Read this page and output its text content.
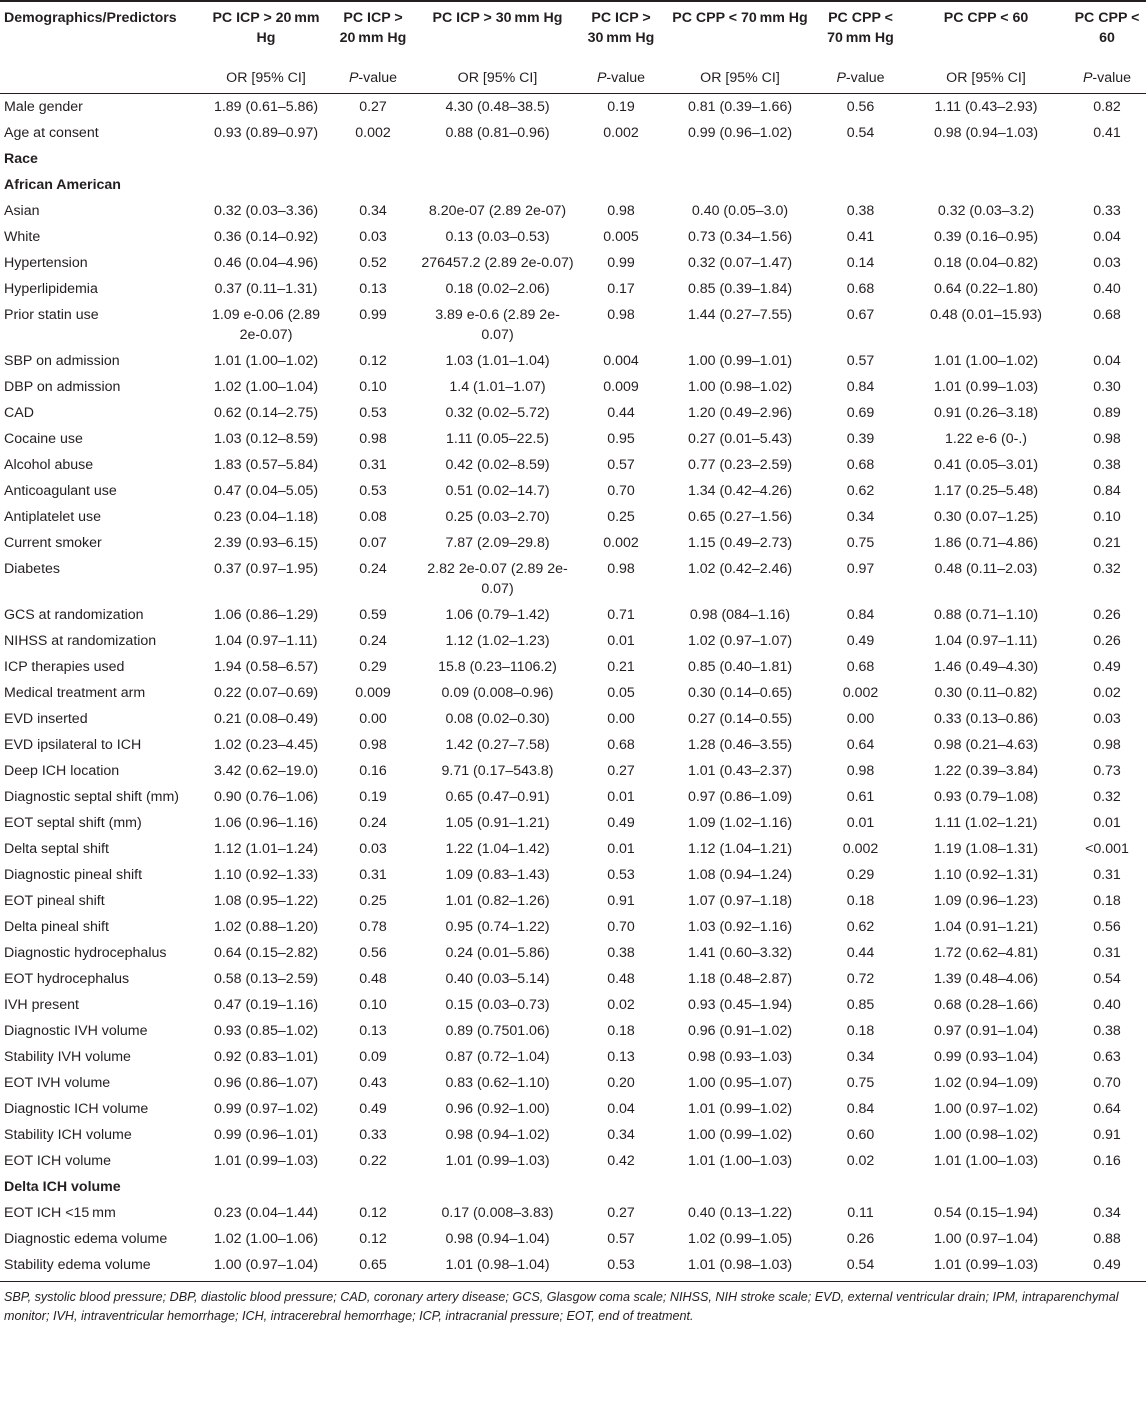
Demographics/Predictors	PC ICP > 20 mm Hg	PC ICP > 20 mm Hg	PC ICP > 30 mm Hg	PC ICP > 30 mm Hg	PC CPP < 70 mm Hg	PC CPP < 70 mm Hg	PC CPP < 60	PC CPP < 60
	OR [95% CI]	P-value	OR [95% CI]	P-value	OR [95% CI]	P-value	OR [95% CI]	P-value
Male gender	1.89 (0.61–5.86)	0.27	4.30 (0.48–38.5)	0.19	0.81 (0.39–1.66)	0.56	1.11 (0.43–2.93)	0.82
Age at consent	0.93 (0.89–0.97)	0.002	0.88 (0.81–0.96)	0.002	0.99 (0.96–1.02)	0.54	0.98 (0.94–1.03)	0.41
Race								
African American								
Asian	0.32 (0.03–3.36)	0.34	8.20e-07 (2.89 2e-07)	0.98	0.40 (0.05–3.0)	0.38	0.32 (0.03–3.2)	0.33
White	0.36 (0.14–0.92)	0.03	0.13 (0.03–0.53)	0.005	0.73 (0.34–1.56)	0.41	0.39 (0.16–0.95)	0.04
Hypertension	0.46 (0.04–4.96)	0.52	276457.2 (2.89 2e-0.07)	0.99	0.32 (0.07–1.47)	0.14	0.18 (0.04–0.82)	0.03
Hyperlipidemia	0.37 (0.11–1.31)	0.13	0.18 (0.02–2.06)	0.17	0.85 (0.39–1.84)	0.68	0.64 (0.22–1.80)	0.40
Prior statin use	1.09 e-0.06 (2.89 2e-0.07)	0.99	3.89 e-0.6 (2.89 2e-0.07)	0.98	1.44 (0.27–7.55)	0.67	0.48 (0.01–15.93)	0.68
SBP on admission	1.01 (1.00–1.02)	0.12	1.03 (1.01–1.04)	0.004	1.00 (0.99–1.01)	0.57	1.01 (1.00–1.02)	0.04
DBP on admission	1.02 (1.00–1.04)	0.10	1.4 (1.01–1.07)	0.009	1.00 (0.98–1.02)	0.84	1.01 (0.99–1.03)	0.30
CAD	0.62 (0.14–2.75)	0.53	0.32 (0.02–5.72)	0.44	1.20 (0.49–2.96)	0.69	0.91 (0.26–3.18)	0.89
Cocaine use	1.03 (0.12–8.59)	0.98	1.11 (0.05–22.5)	0.95	0.27 (0.01–5.43)	0.39	1.22 e-6 (0-.)	0.98
Alcohol abuse	1.83 (0.57–5.84)	0.31	0.42 (0.02–8.59)	0.57	0.77 (0.23–2.59)	0.68	0.41 (0.05–3.01)	0.38
Anticoagulant use	0.47 (0.04–5.05)	0.53	0.51 (0.02–14.7)	0.70	1.34 (0.42–4.26)	0.62	1.17 (0.25–5.48)	0.84
Antiplatelet use	0.23 (0.04–1.18)	0.08	0.25 (0.03–2.70)	0.25	0.65 (0.27–1.56)	0.34	0.30 (0.07–1.25)	0.10
Current smoker	2.39 (0.93–6.15)	0.07	7.87 (2.09–29.8)	0.002	1.15 (0.49–2.73)	0.75	1.86 (0.71–4.86)	0.21
Diabetes	0.37 (0.97–1.95)	0.24	2.82 2e-0.07 (2.89 2e-0.07)	0.98	1.02 (0.42–2.46)	0.97	0.48 (0.11–2.03)	0.32
GCS at randomization	1.06 (0.86–1.29)	0.59	1.06 (0.79–1.42)	0.71	0.98 (084–1.16)	0.84	0.88 (0.71–1.10)	0.26
NIHSS at randomization	1.04 (0.97–1.11)	0.24	1.12 (1.02–1.23)	0.01	1.02 (0.97–1.07)	0.49	1.04 (0.97–1.11)	0.26
ICP therapies used	1.94 (0.58–6.57)	0.29	15.8 (0.23–1106.2)	0.21	0.85 (0.40–1.81)	0.68	1.46 (0.49–4.30)	0.49
Medical treatment arm	0.22 (0.07–0.69)	0.009	0.09 (0.008–0.96)	0.05	0.30 (0.14–0.65)	0.002	0.30 (0.11–0.82)	0.02
EVD inserted	0.21 (0.08–0.49)	0.00	0.08 (0.02–0.30)	0.00	0.27 (0.14–0.55)	0.00	0.33 (0.13–0.86)	0.03
EVD ipsilateral to ICH	1.02 (0.23–4.45)	0.98	1.42 (0.27–7.58)	0.68	1.28 (0.46–3.55)	0.64	0.98 (0.21–4.63)	0.98
Deep ICH location	3.42 (0.62–19.0)	0.16	9.71 (0.17–543.8)	0.27	1.01 (0.43–2.37)	0.98	1.22 (0.39–3.84)	0.73
Diagnostic septal shift (mm)	0.90 (0.76–1.06)	0.19	0.65 (0.47–0.91)	0.01	0.97 (0.86–1.09)	0.61	0.93 (0.79–1.08)	0.32
EOT septal shift (mm)	1.06 (0.96–1.16)	0.24	1.05 (0.91–1.21)	0.49	1.09 (1.02–1.16)	0.01	1.11 (1.02–1.21)	0.01
Delta septal shift	1.12 (1.01–1.24)	0.03	1.22 (1.04–1.42)	0.01	1.12 (1.04–1.21)	0.002	1.19 (1.08–1.31)	<0.001
Diagnostic pineal shift	1.10 (0.92–1.33)	0.31	1.09 (0.83–1.43)	0.53	1.08 (0.94–1.24)	0.29	1.10 (0.92–1.31)	0.31
EOT pineal shift	1.08 (0.95–1.22)	0.25	1.01 (0.82–1.26)	0.91	1.07 (0.97–1.18)	0.18	1.09 (0.96–1.23)	0.18
Delta pineal shift	1.02 (0.88–1.20)	0.78	0.95 (0.74–1.22)	0.70	1.03 (0.92–1.16)	0.62	1.04 (0.91–1.21)	0.56
Diagnostic hydrocephalus	0.64 (0.15–2.82)	0.56	0.24 (0.01–5.86)	0.38	1.41 (0.60–3.32)	0.44	1.72 (0.62–4.81)	0.31
EOT hydrocephalus	0.58 (0.13–2.59)	0.48	0.40 (0.03–5.14)	0.48	1.18 (0.48–2.87)	0.72	1.39 (0.48–4.06)	0.54
IVH present	0.47 (0.19–1.16)	0.10	0.15 (0.03–0.73)	0.02	0.93 (0.45–1.94)	0.85	0.68 (0.28–1.66)	0.40
Diagnostic IVH volume	0.93 (0.85–1.02)	0.13	0.89 (0.7501.06)	0.18	0.96 (0.91–1.02)	0.18	0.97 (0.91–1.04)	0.38
Stability IVH volume	0.92 (0.83–1.01)	0.09	0.87 (0.72–1.04)	0.13	0.98 (0.93–1.03)	0.34	0.99 (0.93–1.04)	0.63
EOT IVH volume	0.96 (0.86–1.07)	0.43	0.83 (0.62–1.10)	0.20	1.00 (0.95–1.07)	0.75	1.02 (0.94–1.09)	0.70
Diagnostic ICH volume	0.99 (0.97–1.02)	0.49	0.96 (0.92–1.00)	0.04	1.01 (0.99–1.02)	0.84	1.00 (0.97–1.02)	0.64
Stability ICH volume	0.99 (0.96–1.01)	0.33	0.98 (0.94–1.02)	0.34	1.00 (0.99–1.02)	0.60	1.00 (0.98–1.02)	0.91
EOT ICH volume	1.01 (0.99–1.03)	0.22	1.01 (0.99–1.03)	0.42	1.01 (1.00–1.03)	0.02	1.01 (1.00–1.03)	0.16
Delta ICH volume								
EOT ICH <15 mm	0.23 (0.04–1.44)	0.12	0.17 (0.008–3.83)	0.27	0.40 (0.13–1.22)	0.11	0.54 (0.15–1.94)	0.34
Diagnostic edema volume	1.02 (1.00–1.06)	0.12	0.98 (0.94–1.04)	0.57	1.02 (0.99–1.05)	0.26	1.00 (0.97–1.04)	0.88
Stability edema volume	1.00 (0.97–1.04)	0.65	1.01 (0.98–1.04)	0.53	1.01 (0.98–1.03)	0.54	1.01 (0.99–1.03)	0.49
SBP, systolic blood pressure; DBP, diastolic blood pressure; CAD, coronary artery disease; GCS, Glasgow coma scale; NIHSS, NIH stroke scale; EVD, external ventricular drain; IPM, intraparenchymal monitor; IVH, intraventricular hemorrhage; ICH, intracerebral hemorrhage; ICP, intracranial pressure; EOT, end of treatment.
